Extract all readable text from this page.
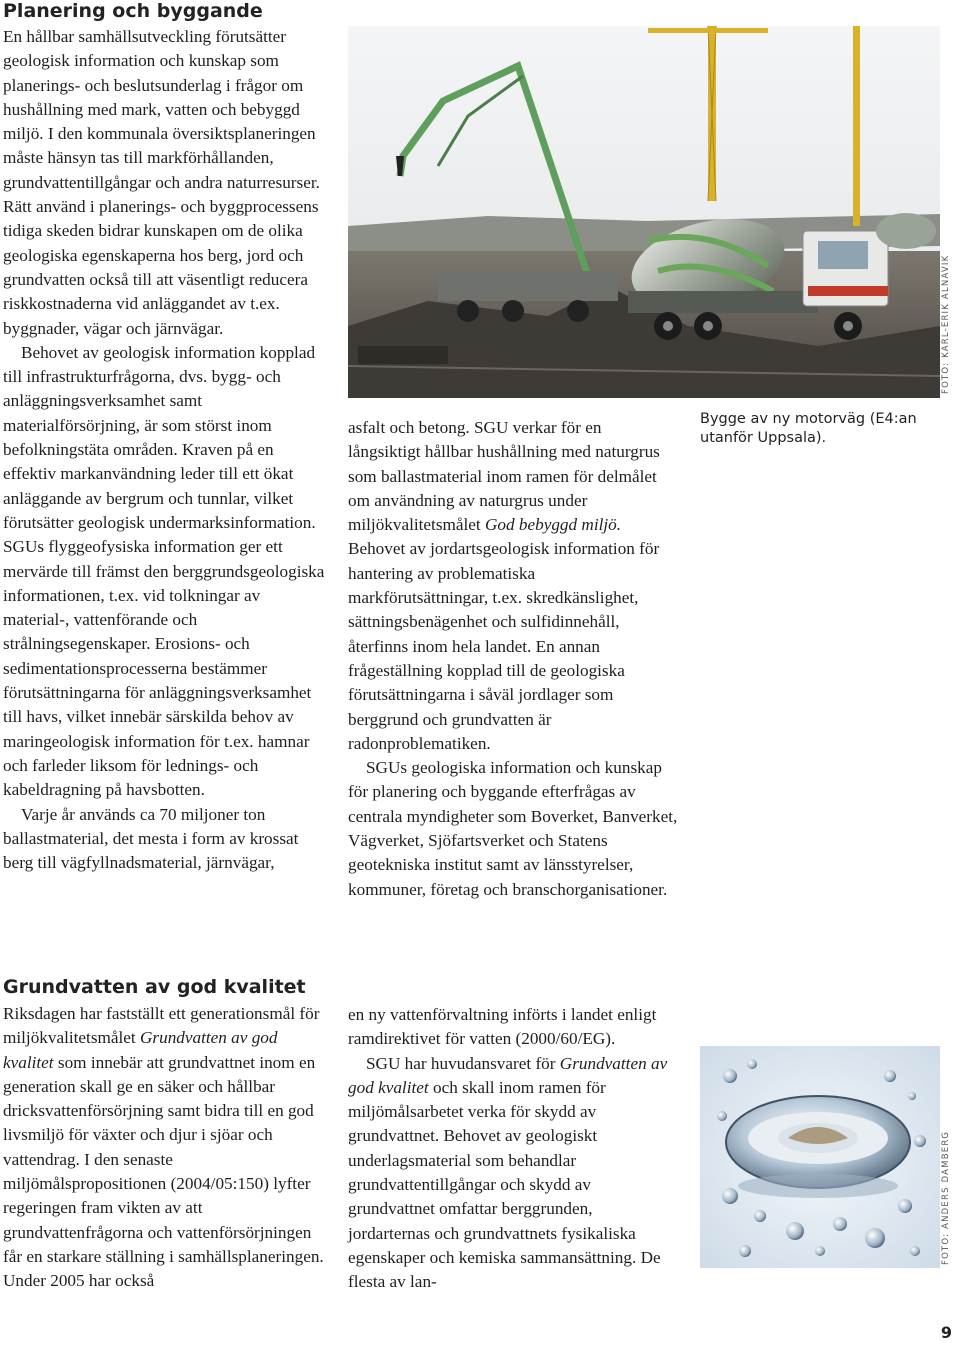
Planering och byggande

En hållbar samhällsutveckling förutsätter geologisk information och kunskap som planerings- och beslutsunderlag i frågor om hushållning med mark, vatten och bebyggd miljö. I den kommunala översiktsplaneringen måste hänsyn tas till markförhållanden, grundvattentillgångar och andra naturresurser. Rätt använd i planerings- och byggprocessens tidiga skeden bidrar kunskapen om de olika geologiska egenskaperna hos berg, jord och grundvatten också till att väsentligt reducera riskkostnaderna vid anläggandet av t.ex. byggnader, vägar och järnvägar.

Behovet av geologisk information kopplad till infrastrukturfrågorna, dvs. bygg- och anläggningsverksamhet samt materialförsörjning, är som störst inom befolkningstäta områden. Kraven på en effektiv markanvändning leder till ett ökat anläggande av bergrum och tunnlar, vilket förutsätter geologisk undermarksinformation. SGUs flyggeofysiska information ger ett mervärde till främst den berggrundsgeologiska informationen, t.ex. vid tolkningar av material-, vattenförande och strålningsegenskaper. Erosions- och sedimentationsprocesserna bestämmer förutsättningarna för anläggningsverksamhet till havs, vilket innebär särskilda behov av maringeologisk information för t.ex. hamnar och farleder liksom för lednings- och kabeldragning på havsbotten.

Varje år används ca 70 miljoner ton ballastmaterial, det mesta i form av krossat berg till vägfyllnadsmaterial, järnvägar,

FOTO: KARL-ERIK ALNAVIK

asfalt och betong. SGU verkar för en långsiktigt hållbar hushållning med naturgrus som ballastmaterial inom ramen för delmålet om användning av naturgrus under miljökvalitetsmålet God bebyggd miljö. Behovet av jordartsgeologisk information för hantering av problematiska markförutsättningar, t.ex. skredkänslighet, sättningsbenägenhet och sulfidinnehåll, återfinns inom hela landet. En annan frågeställning kopplad till de geologiska förutsättningarna i såväl jordlager som berggrund och grundvatten är radonproblematiken.

SGUs geologiska information och kunskap för planering och byggande efterfrågas av centrala myndigheter som Boverket, Banverket, Vägverket, Sjöfartsverket och Statens geotekniska institut samt av länsstyrelser, kommuner, företag och branschorganisationer.

Bygge av ny motorväg (E4:an utanför Uppsala).
Grundvatten av god kvalitet

Riksdagen har fastställt ett generationsmål för miljökvalitetsmålet Grundvatten av god kvalitet som innebär att grundvattnet inom en generation skall ge en säker och hållbar dricksvattenförsörjning samt bidra till en god livsmiljö för växter och djur i sjöar och vattendrag. I den senaste miljömålspropositionen (2004/05:150) lyfter regeringen fram vikten av att grundvattenfrågorna och vattenförsörjningen får en starkare ställning i samhällsplaneringen. Under 2005 har också

en ny vattenförvaltning införts i landet enligt ramdirektivet för vatten (2000/60/EG).

SGU har huvudansvaret för Grundvatten av god kvalitet och skall inom ramen för miljömålsarbetet verka för skydd av grundvattnet. Behovet av geologiskt underlagsmaterial som behandlar grundvattentillgångar och skydd av grundvattnet omfattar berggrunden, jordarternas och grundvattnets fysikaliska egenskaper och kemiska sammansättning. De flesta av lan-

FOTO: ANDERS DAMBERG
9
